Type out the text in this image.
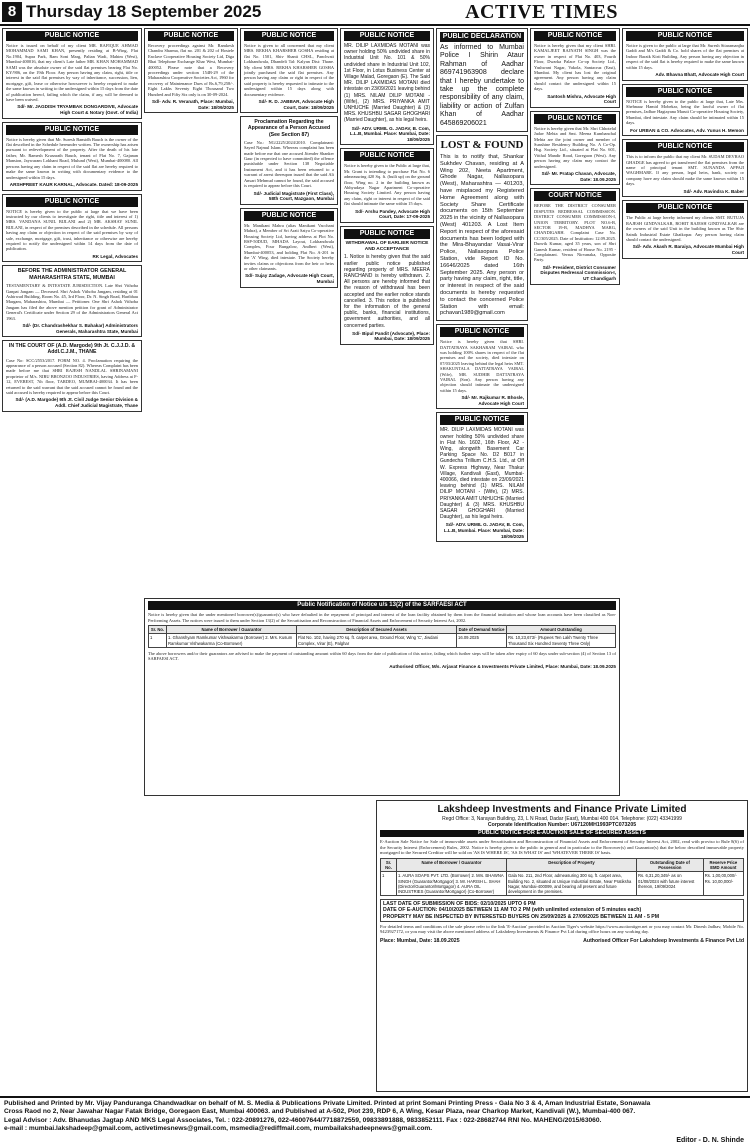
8 Thursday 18 September 2025	ACTIVE TIMES
PUBLIC NOTICE
Notice is issued on behalf of my client MR. RAFIQUE AHMAD MOHAMMAD SAMI KHAN, presently residing at B-Wing, Flat No.1904, Supra Park, Ram Soni Marg, Paltan Wadi, Mahim (West), Mumbai-400016, that my client's Late father MR. KHAN MOHAMMAD SAMI was the absolute owner of the said flat premises bearing Flat No. KY/906, on the 19th Floor. Any person having any claim, right, title or interest in the said flat premises by way of inheritance, succession, lien, mortgage, gift, lease or otherwise howsoever is hereby required to make the same known in writing to the undersigned within 15 days from the date of publication hereof, failing which the claim, if any, will be deemed to have been waived.
Sd/- Mr. JAGDISH TRYAMBAK DONGARDIVE, Advocate High Court & Notary (Govt. of India)
PUBLIC NOTICE
Notice is hereby given that Mr. Suresh Bansidh Bauch is the owner of the flat described in the Schedule hereunder written. The ownership has arisen pursuant to redevelopment of the property. After the death of his late father, Mr. Ramesh Krusnrath Bauch, tenant of Flat No. 7, Gajanan Mansion, Jaywaram Lokhant Road, Mulund (West), Mumbai-400080. All persons having any claim in respect of the said flat are hereby required to make the same known in writing with documentary evidence to the undersigned within 15 days.
ARSHPREET KAUR KARNAL, Advocate. Dated: 18-09-2025
PUBLIC NOTICE
NOTICE is hereby given to the public at large that we have been instructed by our clients to investigate the right, title and interest of 1) MRS. VANDANA SUNIL BIJLANI and 2) MR. AKSHAY SUNIL BIJLANI, in respect of the premises described in the schedule. All persons having any claim or objection in respect of the said premises by way of sale, exchange, mortgage, gift, trust, inheritance or otherwise are hereby required to notify the undersigned within 14 days from the date of publication.
RK Legal, Advocates
BEFORE THE ADMINISTRATOR GENERAL MAHARASHTRA STATE, MUMBAI
TESTAMENTARY & INTESTATE JURISDICTION. Late Shri Vithoba Ganpat Jangam — Deceased. Shri Ashok Vithoba Jangam, residing at 01 Ashirwad Building, Room No. 45, 3rd Floor, Dr. N. Singh Road, Haribhau Margam, Maharashtra, Mumbai — Petitioner. One Shri Ashok Vithoba Jangam has filed the above mention petition for grant of Administrator General's Certificate under Section 29 of the Administrators General Act 1963.
Sd/- (Dr. Chandrashekhar S. Bahakar) Administrators Generals, Maharashtra State, Mumbai
IN THE COURT OF (A.D. Margode) 9th Jt. C.J.J.D. & Addl.C.J.M., THANE
Case No: SCC/2553/2017. FORM NO. 4. Proclamation requiring the appearance of a person accused (Section 82). Whereas Complaint has been made before me that SHRI RAJESH NANDLAL SHRINAMANI proprietor of M/s. NIRU BRONZOO INDUSTRIES, having Address at F-12, EVEREST, 7th floor, TARDEO, MUMBAI-400034. It has been returned to the said warrant that the said accused cannot be found and the said accused is hereby required to appear before this Court.
Sd/- (A.D. Margode) 9th Jt. Civil Judge Senior Division & Addl. Chief Judicial Magistrate, Thane
PUBLIC NOTICE
Recovery proceedings against Mr. Ramkesh Chandra Sharma, flat no. 201 & 202 of Hostele Enclave Cooperative Housing Society Ltd, Diga Bhai Telephone Exchange Khar West, Mumbai-400052. Please note that a Recovery proceedings under section 154B-29 of the Maharashtra Cooperative Societies Act, 1960 for recovery of Maintenance Dues of Rs.6,79,258/-. Eight Lakhs Seventy Eight Thousand Two Hundred and Fifty Six only is on 30-09-2024.
Sd/- Adv. R. Veranath, Place: Mumbai, Date: 18/09/2025
PUBLIC NOTICE
Notice is given to all concerned that my client MRS. REKHA KHARSHEB GOSHA residing at flat No. 1501, Shiv Shanti CHSL, Panchvati Lokhandwala, Dhandeli Tal: Kalyan Dist: Thane. My client MRS. REKHA KHARSHEB GOSHA jointly purchased the said flat premises. Any person having any claim or right in respect of the said property is hereby requested to intimate to the undersigned within 15 days along with documentary evidence.
Sd/- R. D. JABBAR, Advocate High Court, Date: 18/09/2025
Proclamation Regarding the Appearance of a Person Accused (See Section 87)
Case No.: NG/2225/2024/2010. Complainant: Sayed Najmul Islam. Whereas complaint has been made before me that one accused Jitender Shanker Gaur (in respected to have committed) the offence punishable under Section 138 Negotiable Instrument Act, and it has been returned to a warrant of arrest thereupon issued that the said Ali Ansari Mehmud cannot be found, the said accused is required to appear before this Court.
Sd/- Judicial Magistrate (First Class), 58th Court, Mazgaon, Mumbai
PUBLIC NOTICE
Mr. Manikant Mahra (alias Manikant Vacchani Mahra), a Member of Sri Arati Satya Co-operative Housing Society Ltd, having address at Plot No. RSP-50DUD, MHADA Layout, Lokhandwala Complex, Four Bungalow, Andheri (West), Mumbai-400053, and holding Flat No. A-201 in the 'A' Wing, died intestate. The Society hereby invites claims or objections from the heir or heirs or other claimants.
Sd/- Sujay Zadage, Advocate High Court, Mumbai
PUBLIC NOTICE
MR. DILIP LAXMIDAS MOTANI was owner holding 50% undivided share in Industrial Unit No. 101 & 50% undivided share in Industrial Unit 102, 1st Floor, in Lotus Business Center at Village Malad, Goregaon (E). The Said MR. DILIP LAXMIDAS MOTANI died intestate on 23/09/2021 leaving behind (1) MRS. NILAM DILIP MOTANI - (Wife), (2) MRS. PRIYANKA AMIT UNHUCHE (Married Daughter) & (3) MRS. KHUSHBU SAGAR GHOGHARI (Married Daughter), as his legal heirs.
Sd/- ADV. URMIL G. JADAV, B. Com, L.L.B, Mumbai. Place: Mumbai, Date: 18/09/2025
PUBLIC NOTICE
Notice is hereby given to the Public at large that, Mr. Grant is intending to purchase Flat No. 6 admeasuring 420 Sq. ft. (built up) on the ground floor, Wing no. 2 in the building known as Abhyudaya Nagar Apartment Co-operative Housing Society Limited. Any person having any claim, right or interest in respect of the said flat should intimate the same within 15 days.
Sd/- Arshu Pandey, Advocate High Court, Date: 17-09-2025
PUBLIC NOTICE
WITHDRAWAL OF EARLIER NOTICE AND ACCEPTANCE
1. Notice is hereby given that the said earlier public notice published regarding property of MRS. MEERA RANCHAND is hereby withdrawn. 2. All persons are hereby informed that the reason of withdrawal has been accepted and the earlier notice stands cancelled. 3. This notice is published for the information of the general public, banks, financial institutions, government authorities, and all concerned parties.
Sd/- Bipul Pandit (Advocate), Place: Mumbai, Date: 18/09/2025
PUBLIC DECLARATION
As informed to Mumbai Police I Shirin Ataur Rahman of Aadhar 869741963908 declare that I hereby undertake to take up the complete responsibility of any claim, liability or action of Zulfan Khan of Aadhar 645869206021
LOST & FOUND
This is to notify that, Shankar Sukhdev Chavan, residing at A Wing 202, Neeta Apartment, Ghode Nagar, Nallasopara (West), Maharashtra — 401203, have misplaced my Registered Home Agreement along with Society Share Certificate documents on 15th September 2025 in the vicinity of Nallasopara (West) 401203. A Lost Item Report in respect of the aforesaid documents has been lodged with the Mira-Bhayandar Vasai-Virar Police, Nallasopara Police Station, vide Report ID No. 16646/2025 dated 16th September 2025. Any person or party having any claim, right, title, or interest in respect of the said documents is hereby requested to contact the concerned Police Station with email: pchavan1989@gmail.com
PUBLIC NOTICE
Notice is hereby given that SHRI. DATTATRAYA SAKHARAM VAIRAL who was holding 100% shares in respect of the flat premises and the society, died intestate on 07/03/2025 leaving behind the legal heirs SMT. SHAKUNTALA DATTATRAYA VAIRAL (Wife), MR. SUDHIR DATTATRAYA VAIRAL (Son). Any person having any objection should intimate the undersigned within 15 days.
Sd/- Mr. Rajkumar R. Bhosle, Advocate High Court
PUBLIC NOTICE
MR. DILIP LAXMIDAS MOTANI was owner holding 50% undivided share in Flat No. 1602, 16th Floor, A2 - Wing, alongwith Basement Car Parking Space No. D2 B017 in Gundecha Trillium C.H.S. Ltd., at Off W. Express Highway, Near Thakur Village, Kandivali (East), Mumbai-400066, died intestate on 23/09/2021 leaving behind (1) MRS. NILAM DILIP MOTANI - (Wife), (2) MRS. PRIYANKA AMIT UNHUCHE (Married Daughter) & (3) MRS. KHUSHBU SAGAR GHOGHARI (Married Daughter), as his legal heirs.
Sd/- ADV. URMIL G. JADAV, B. Com, L.L.B, Mumbai. Place: Mumbai, Date: 18/09/2025
PUBLIC NOTICE
Notice is hereby given that my client SHRI. KAMALJEET RAJNATH SINGH was the owner in respect of Flat No. 403, Fourth Floor, Dwarka Palace Co-op Society Ltd., Yashwant Nagar, Vakola, Santacruz (East), Mumbai. My client has lost the original agreement. Any person having any claim should contact the undersigned within 15 days.
Santosh Mishra, Advocate High Court
PUBLIC NOTICE
Notice is hereby given that Mr. Shri Chhotelal Jadav Mehta and Smt. Meena Kumbanchal Mehta are the joint owner and member of Sunshine Residency Building No. A Co-Op. Hsg. Society Ltd., situated at Flat No. 601, Vitthal Mandir Road, Goregaon (West). Any person having any claim may contact the undersigned.
Sd/- Mr. Pratap Chavan, Advocate, Date: 18.09.2025
COURT NOTICE
BEFORE THE DISTRICT CONSUMER DISPUTES REDRESSAL COMMISSION. DISTRICT CONSUMER COMMISSION-I, UNION TERRITORY. PLOT NO.6-B, SECTOR 19-B, MADHYA MARG, CHANDIGARH. Complaint Case No. CC/305/2025. Date of Institution: 12.09.2025. Dunvik Kumar, aged 35 years, son of Shri Ganesh Kumar, resident of House No. 2195 - Complainant. Versus Nirvanaka, Opposite Party.
Sd/- President, District Consumer Disputes Redressal Commission-I, UT Chandigarh
PUBLIC NOTICE
Notice is given to the public at large that Mr. Suresh Sitaramanjha Gaddi and M/s Gaddi & Co. hold shares of the flat premises at Indoor Baraik Kirti Building. Any person having any objection in respect of the said flat is hereby required to make the same known within 15 days.
Adv. Bhavna Bhatt, Advocate High Court
PUBLIC NOTICE
NOTICE is hereby given to the public at large that, Late Mrs. Shehnaaz Hamid Mobekar, being the lawful owner of flat premises, Jadhav Hagtayana Maruti Co-operative Housing Society, Mumbai, died intestate. Any claim should be intimated within 15 days.
For URBAN & CO. Advocates, Adv. Yunus H. Memon
PUBLIC NOTICE
This is to inform the public that my client Mr. SUDAM DEVRAO GHADGE has agreed to get transferred the flat premises from the name of principal tenant SMT. SUNANDA APPAJI WAGHMARE. If any person, legal heirs, bank, society or company have any claim should make the same known within 15 days.
Sd/- Adv. Ravindra K. Baber
PUBLIC NOTICE
The Public at large hereby informed my clients SMT. RUTUJA RAJESH GINDVALKAR, ROHIT RAJESH GINDVALKAR are the owners of the said Unit in the building known as The Shiv Sainik Industrial Estate Ghatkopar. Any person having claim should contact the undersigned.
Sd/- Adv. Akash R. Baraiya, Advocate Mumbai High Court
Public Notification of Notice u/s 13(2) of the SARFAESI ACT
Notice is hereby given that the under mentioned borrower(s)/guarantor(s) who have defaulted in the repayment of principal and interest of the loan facility obtained by them from the financial institution and whose loan accounts have been classified as Non-Performing Assets. The notices were issued to them under Section 13(2) of the Securitisation and Reconstruction of Financial Assets and Enforcement of Security Interest Act, 2002.
Sr. No.	Name of Borrower / Guarantor	Description of Secured Assets	Date of Demand Notice	Amount Outstanding
1	1. Ghanshyam Ramkumar Vishwakarma (Borrower) 2. Mrs. Kusum Ramkumar Vishwakarma (Co-Borrower)	Flat No. 102, having 270 sq. ft. carpet area, Ground Floor, Wing 'C', Jiwdani Complex, Virar (E), Palghar	16.09.2025	Rs. 10,23,673/- (Rupees Ten Lakh Twenty Three Thousand Six Hundred Seventy Three Only)
The above borrowers and/or their guarantors are advised to make the payment of outstanding amount within 60 days from the date of publication of this notice, failing which further steps will be taken after expiry of 60 days under sub-section (4) of Section 13 of SARFAESI ACT.
Authorised Officer, M/s. Arjavat Finance & Investments Private Limited, Place: Mumbai, Date: 18.09.2025
Lakshdeep Investments and Finance Private Limited
Regd Office: 3, Narayan Building, 23, L N Road, Dadar (East), Mumbai 400 014. Telephone: (022) 43341999
Corporate Identification Number: U67120MH1993PTC073205
PUBLIC NOTICE FOR E-AUCTION SALE OF SECURED ASSETS
E-Auction Sale Notice for Sale of immovable assets under Securitisation and Reconstruction of Financial Assets and Enforcement of Security Interest Act, 2002, read with proviso to Rule 8(6) of the Security Interest (Enforcement) Rules, 2002. Notice is hereby given to the public in general and in particular to the Borrower(s) and Guarantor(s) that the below described immovable property mortgaged to the Secured Creditor will be sold on 'AS IS WHERE IS', 'AS IS WHAT IS' and 'WHATEVER THERE IS' basis.
Sr. No.	Name of Borrower / Guarantor	Description of Property	Outstanding Date of Possession	Reserve Price EMD Amount
1	1. AURA SOAPS PVT. LTD. (Borrower) 2. Mrs. BHAWNA SINGH (Guarantor/Mortgagor) 3. Mr. HARISH L. SHAH (Director/Guarantor/Mortgagor) 4. AURA OIL INDUSTRIES (Guarantor/Mortgagor) (Co-Borrower)	Gala No. 211, 2nd Floor, admeasuring 300 sq. ft. carpet area, Building No. 2, situated at Unique Industrial Estate, Near Pratiksha Nagar, Mumbai-400099, and bearing all present and future development in the premises.	Rs. 6,31,20,349/- as on 01/08/2024 with future interest thereon, 19/09/2024	Rs. 1,00,00,000/- Rs. 10,00,000/-
LAST DATE OF SUBMISSION OF BIDS: 02/10/2025 UPTO 6 PM
DATE OF E-AUCTION: 04/10/2025 BETWEEN 11 AM TO 2 PM (with unlimited extension of 5 minutes each)
PROPERTY MAY BE INSPECTED BY INTERESTED BUYERS ON 25/09/2025 & 27/09/2025 BETWEEN 11 AM - 5 PM
For detailed terms and conditions of the sale please refer to the link 'E-Auction' provided in Auction Tiger's website https://www.auctiontiger.net or you may contact Mr. Dinesh Jadhav, Mobile No. 9423927172, or you may visit the above mentioned address of Lakshdeep Investments & Finance Pvt Ltd during office hours on any working day.
Place: Mumbai, Date: 18.09.2025	Authorised Officer For Lakshdeep Investments & Finance Pvt Ltd
Published and Printed by Mr. Vijay Panduranga Chandwadkar on behalf of M. S. Media & Publications Private Limited. Printed at print Somani Printing Press - Gala No 3 & 4, Aman Industrial Estate, Sonawala
Cross Raod no 2, Near Jawahar Nagar Fatak Bridge, Goregaon East, Mumbai 400063. and Published at A-502, Plot 239, RDP 6, A Wing, Kesar Plaza, near Charkop Market, Kandivali (W.), Mumbai-400 067.
Legal Advisor : Adv. Bhanudas Jagtap AND MKS Legal Associates, Tel. : 022-20891276, 022-46007644/7718872559, 09833891888, 9833852111. Fax : 022-28682744 RNI No. MAHENG/2015/63060.
e-mail : mumbai.lakshadeep@gmail.com, activetimesnews@gmail.com, msmedia@rediffmail.com, mumbailakshadeepnews@gmail.com.
Editor - D. N. Shinde
